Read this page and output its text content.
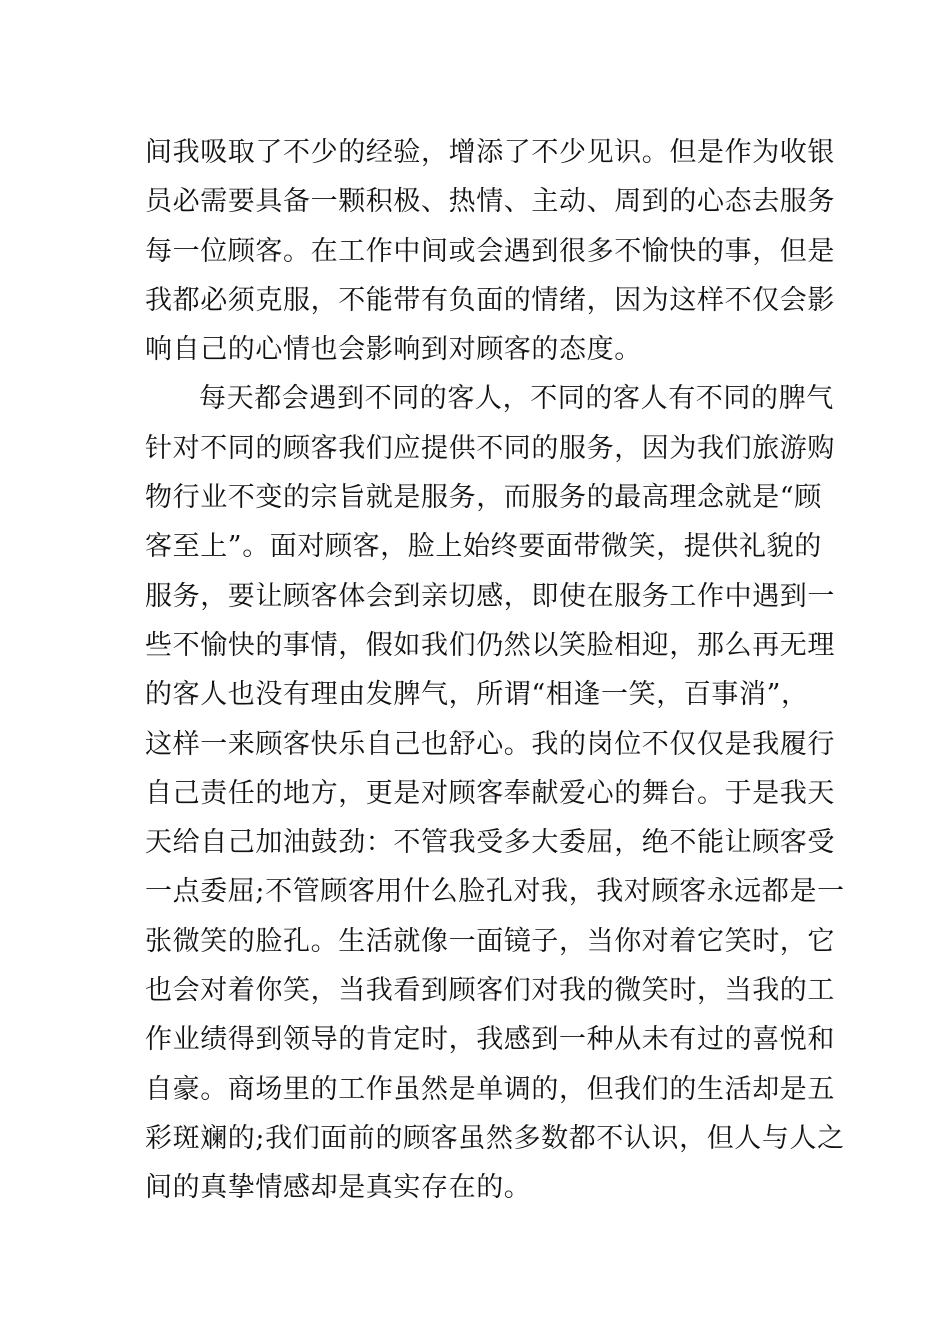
间我吸取了不少的经验，增添了不少见识。但是作为收银
员必需要具备一颗积极、热情、主动、周到的心态去服务
每一位顾客。在工作中间或会遇到很多不愉快的事，但是
我都必须克服，不能带有负面的情绪，因为这样不仅会影
响自己的心情也会影响到对顾客的态度。
每天都会遇到不同的客人，不同的客人有不同的脾气
针对不同的顾客我们应提供不同的服务，因为我们旅游购
物行业不变的宗旨就是服务，而服务的最高理念就是“顾
客至上”。面对顾客，脸上始终要面带微笑，提供礼貌的
服务，要让顾客体会到亲切感，即使在服务工作中遇到一
些不愉快的事情，假如我们仍然以笑脸相迎，那么再无理
的客人也没有理由发脾气，所谓“相逢一笑，百事消”，
这样一来顾客快乐自己也舒心。我的岗位不仅仅是我履行
自己责任的地方，更是对顾客奉献爱心的舞台。于是我天
天给自己加油鼓劲：不管我受多大委屈，绝不能让顾客受
一点委屈;不管顾客用什么脸孔对我，我对顾客永远都是一
张微笑的脸孔。生活就像一面镜子，当你对着它笑时，它
也会对着你笑，当我看到顾客们对我的微笑时，当我的工
作业绩得到领导的肯定时，我感到一种从未有过的喜悦和
自豪。商场里的工作虽然是单调的，但我们的生活却是五
彩斑斓的;我们面前的顾客虽然多数都不认识，但人与人之
间的真挚情感却是真实存在的。
